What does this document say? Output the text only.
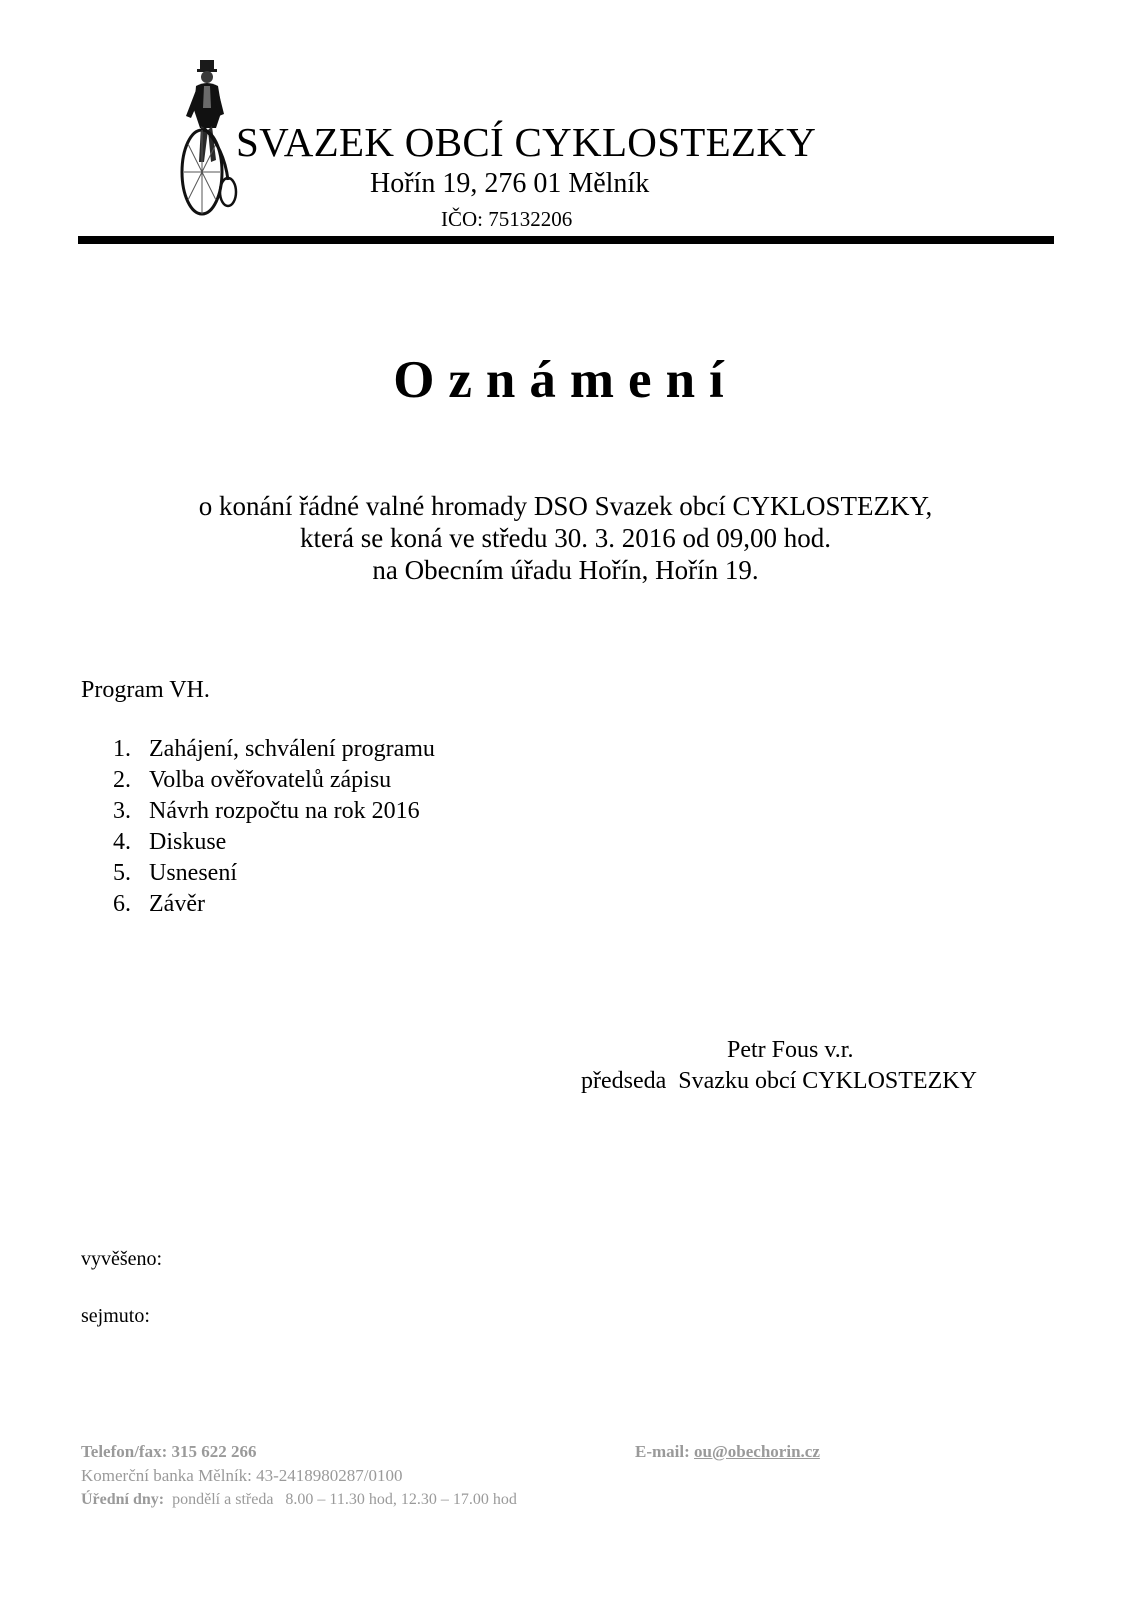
SVAZEK OBCÍ CYKLOSTEZKY
Hořín 19, 276 01 Mělník
IČO: 75132206
Oznámení
o konání řádné valné hromady DSO Svazek obcí CYKLOSTEZKY,
která se koná ve středu 30. 3. 2016 od 09,00 hod.
na Obecním úřadu Hořín, Hořín 19.
Program VH.
1. Zahájení, schválení programu
2. Volba ověřovatelů zápisu
3. Návrh rozpočtu na rok 2016
4. Diskuse
5. Usnesení
6. Závěr
Petr Fous v.r.
předseda  Svazku obcí CYKLOSTEZKY
vyvěšeno:
sejmuto:
Telefon/fax: 315 622 266	E-mail: ou@obechorin.cz
Komerční banka Mělník: 43-2418980287/0100
Úřední dny:  pondělí a středa   8.00 – 11.30 hod, 12.30 – 17.00 hod
